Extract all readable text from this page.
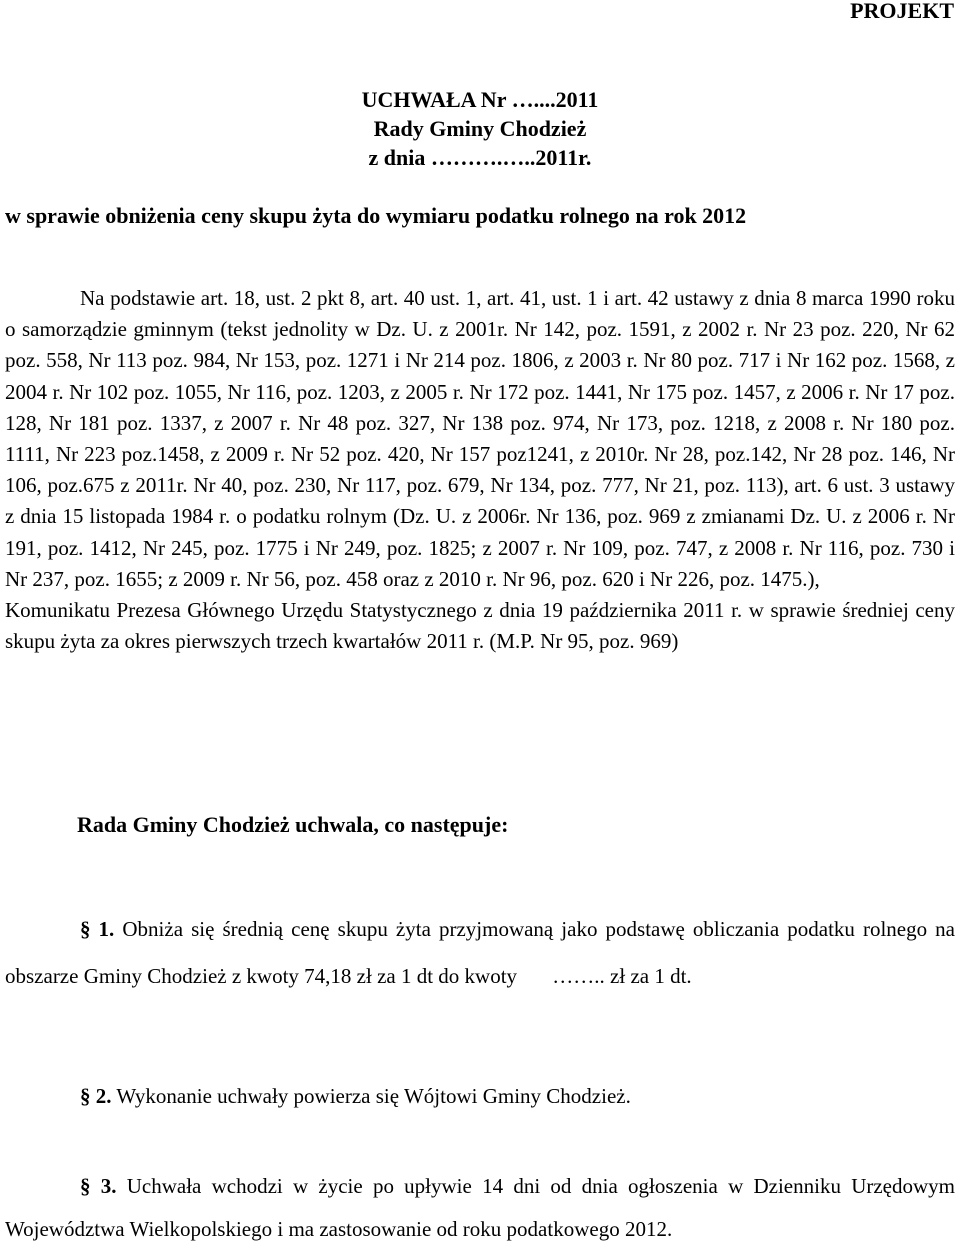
PROJEKT
UCHWAŁA Nr …....2011
Rady Gminy Chodzież
z dnia ……….…..2011r.
w sprawie obniżenia ceny skupu żyta do wymiaru podatku rolnego na rok 2012
Na podstawie art. 18, ust. 2 pkt 8, art. 40 ust. 1, art. 41, ust. 1 i art. 42 ustawy z dnia 8 marca 1990 roku o samorządzie gminnym (tekst jednolity w Dz. U. z 2001r. Nr 142, poz. 1591, z 2002 r. Nr 23 poz. 220, Nr 62 poz. 558, Nr 113 poz. 984, Nr 153, poz. 1271 i Nr 214 poz. 1806, z 2003 r. Nr 80 poz. 717 i Nr 162 poz. 1568, z 2004 r. Nr 102 poz. 1055, Nr 116, poz. 1203, z 2005 r. Nr 172 poz. 1441, Nr 175 poz. 1457, z 2006 r. Nr 17 poz. 128, Nr 181 poz. 1337, z 2007 r. Nr 48 poz. 327, Nr 138 poz. 974, Nr 173, poz. 1218, z 2008 r. Nr 180 poz. 1111, Nr 223 poz.1458, z 2009 r. Nr 52 poz. 420, Nr 157 poz1241, z 2010r. Nr 28, poz.142, Nr 28 poz. 146, Nr 106, poz.675 z 2011r. Nr 40, poz. 230, Nr 117, poz. 679, Nr 134, poz. 777, Nr 21, poz. 113), art. 6 ust. 3 ustawy z dnia 15 listopada 1984 r. o podatku rolnym (Dz. U. z 2006r. Nr 136, poz. 969 z zmianami Dz. U. z 2006 r. Nr 191, poz. 1412, Nr 245, poz. 1775 i Nr 249, poz. 1825; z 2007 r. Nr 109, poz. 747, z 2008 r. Nr 116, poz. 730 i Nr 237, poz. 1655; z 2009 r. Nr 56, poz. 458 oraz z 2010 r. Nr 96, poz. 620 i Nr 226, poz. 1475.),
Komunikatu Prezesa Głównego Urzędu Statystycznego z dnia 19 października 2011 r. w sprawie średniej ceny skupu żyta za okres pierwszych trzech kwartałów 2011 r. (M.P. Nr 95, poz. 969)
Rada Gminy Chodzież uchwala, co następuje:
§ 1. Obniża się średnią cenę skupu żyta przyjmowaną jako podstawę obliczania podatku rolnego na obszarze Gminy Chodzież z kwoty 74,18 zł za 1 dt do kwoty …….. zł za 1 dt.
§ 2. Wykonanie uchwały powierza się Wójtowi Gminy Chodzież.
§ 3. Uchwała wchodzi w życie po upływie 14 dni od dnia ogłoszenia w Dzienniku Urzędowym Województwa Wielkopolskiego i ma zastosowanie od roku podatkowego 2012.
